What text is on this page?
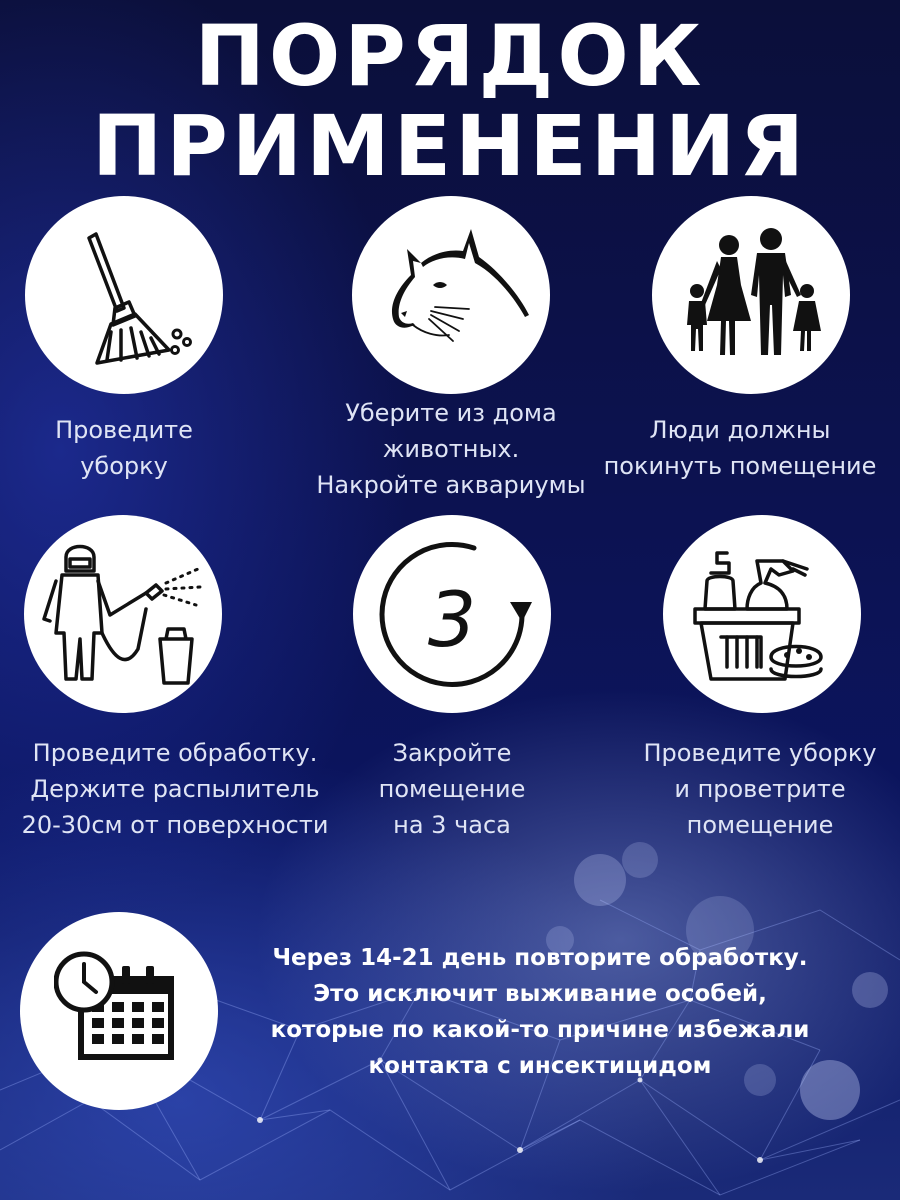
ПОРЯДОК
ПРИМЕНЕНИЯ
Проведите
уборку
Уберите из дома
животных.
Накройте аквариумы
Люди должны
покинуть помещение
Проведите обработку.
Держите распылитель
20-30см от поверхности
3
Закройте
помещение
на 3 часа
Проведите уборку
и проветрите
помещение
Через 14-21 день повторите обработку.
Это исключит выживание особей,
которые по какой-то причине избежали
контакта с инсектицидом
